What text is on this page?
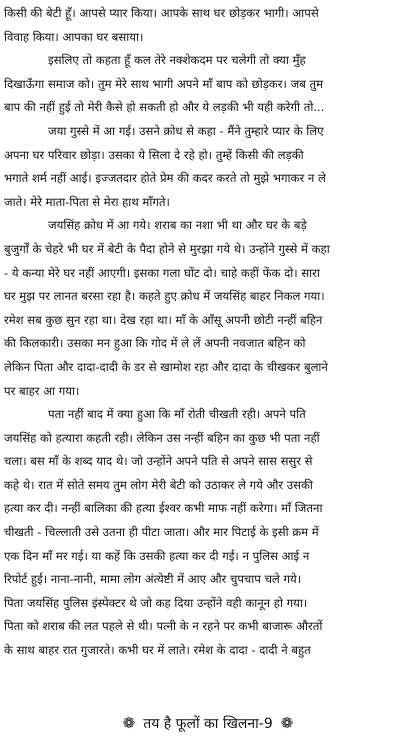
किसी की बेटी हूँ। आपसे प्यार किया। आपके साथ घर छोड़कर भागी। आपसे

विवाह किया। आपका घर बसाया।

इसलिए तो कहता हूँ कल तेरे नक्शेकदम पर चलेगी तो क्या मुँह

दिखाऊँगा समाज को। तुम मेरे साथ भागी अपने माँ बाप को छोड़कर। जब तुम

बाप की नहीं हुई तो मेरी कैसे हो सकती हो और ये लड़की भी यही करेगी तो...

जया गुस्से में आ गई। उसने क्रोध से कहा - मैंने तुम्हारे प्यार के लिए

अपना घर परिवार छोड़ा। उसका ये सिला दे रहे हो। तुम्हें किसी की लड़की

भगाते शर्म नहीं आई। इज्जतदार होते प्रेम की कदर करते तो मुझे भगाकर न ले

जाते। मेरे माता-पिता से मेरा हाथ माँगते।

जयसिंह क्रोध में आ गये। शराब का नशा भी था और घर के बड़े

बुजुर्गों के चेहरे भी घर में बेटी के पैदा होने से मुरझा गये थे। उन्होंने गुस्से में कहा

- ये कन्या मेरे घर नहीं आएगी। इसका गला घोंट दो। चाहे कहीं फेंक दो। सारा

घर मुझ पर लानत बरसा रहा है। कहते हुए क्रोध में जयसिंह बाहर निकल गया।

रमेश सब कुछ सुन रहा था। देख रहा था। माँ के आँसू अपनी छोटी नन्हीं बहिन

की किलकारी। उसका मन हुआ कि गोद में ले लें अपनी नवजात बहिन को

लेकिन पिता और दादा-दादी के डर से खामोश रहा और दादा के चीखकर बुलाने

पर बाहर आ गया।

पता नहीं बाद में क्या हुआ कि माँ रोती चीखती रही। अपने पति

जयसिंह को हत्यारा कहती रही। लेकिन उस नन्हीं बहिन का कुछ भी पता नहीं

चला। बस माँ के शब्द याद थे। जो उन्होंने अपने पति से अपने सास ससुर से

कहे थे। रात में सोते समय तुम लोग मेरी बेटी को उठाकर ले गये और उसकी

हत्या कर दी। नन्हीं बालिका की हत्या ईश्वर कभी माफ नहीं करेगा। माँ जितना

चीखती - चिल्लाती उसे उतना ही पीटा जाता। और मार पिटाई के इसी क्रम में

एक दिन माँ मर गई। या कहें कि उसकी हत्या कर दी गई। न पुलिस आई न

रिपोर्ट हुई। नाना-नानी, मामा लोग अंत्येष्टी में आए और चुपचाप चले गये।

पिता जयसिंह पुलिस इंस्पेक्टर थे जो कह दिया उन्होंने वही कानून हो गया।

पिता को शराब की लत पहले से थी। पत्नी के न रहने पर कभी बाजारू औरतों

के साथ बाहर रात गुजारते। कभी घर में लाते। रमेश के दादा - दादी ने बहुत

❁ तय है फूलों का खिलना-9 ❁
